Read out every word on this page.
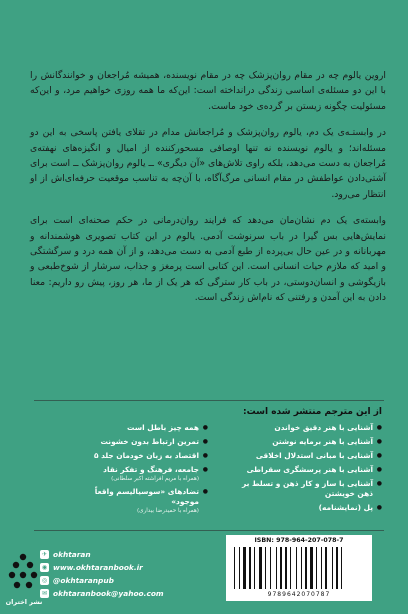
اروین یالوم چه در مقام روان‌پزشک چه در مقام نویسنده، همیشه مُراجعان و خوانندگانش را با این دو مسئله‌ی اساسی زندگی درانداخته است: این‌که ما همه روزی خواهیم مرد، و این‌که مسئولیت چگونه زیستن بر گرده‌ی خود ماست.

در وابستـه‌ی یک دم، یالوم روان‌پزشک و مُراجعانش مدام در تقلای یافتن پاسخی به این دو مسئله‌اند؛ و یالوم نویسنده نه تنها اوصافی مسحورکننده از امیال و انگیزه‌های نهفته‌ی مُراجعان به دست می‌دهد، بلکه راوی تلاش‌های «آن دیگری» ــ یالوم روان‌پزشک ــ است برای آشتی‌دادن عواطفش در مقام انسانی مرگ‌آگاه، با آن‌چه به تناسب موقعیت حرفه‌ای‌اش از او انتظار می‌رود.

وابسته‌ی یک دم نشان‌مان می‌دهد که فرایند روان‌درمانی در حکم صحنه‌ای است برای نمایش‌هایی بس گیرا در باب سرنوشت آدمی. یالوم در این کتاب تصویری هوشمندانه و مهربانانه و در عین حال بی‌پرده از طبع آدمی به دست می‌دهد، و از آن همه درد و سرگشتگی و امید که ملازم حیات انسانی است. این کتابی است پرمغز و جذاب، سرشار از شوخ‌طبعی و بازیگوشی و انسان‌دوستی، در باب کار سترگی که هر یک از ما، هر روز، پیش رو داریم: معنا دادن به این آمدن و رفتنی که نام‌اش زندگی است.

از این مترجم منتشر شده است:
● آشنایی با هنر دقیق خواندن
● آشنایی با هنر برمایه نوشتن
● آشنایی با مبانی استدلال اخلاقی
● آشنایی با هنر پرسشگری سقراطی
● آشنایی با ساز و کار ذهن و تسلط بر ذهن خویشتن
● پل (نمایشنامه)
● همه چیز باطل است
● تمرین ارتباط بدون خشونت
● اقتصاد به زبان خودمان جلد ۵
● جامعه، فرهنگ و تفکر نقاد
(همراه با مریم افراشته اکبر سلطانی)
● تضادهای «سوسیالیسم واقعاً موجود»
(همراه با حمیدرضا بیداری)
نشر اختران
✈ okhtaran
◉ www.okhtaranbook.ir
◎ @okhtaranpub
✉ okhtaranbook@yahoo.com
ISBN: 978-964-207-078-7
9789642070787
